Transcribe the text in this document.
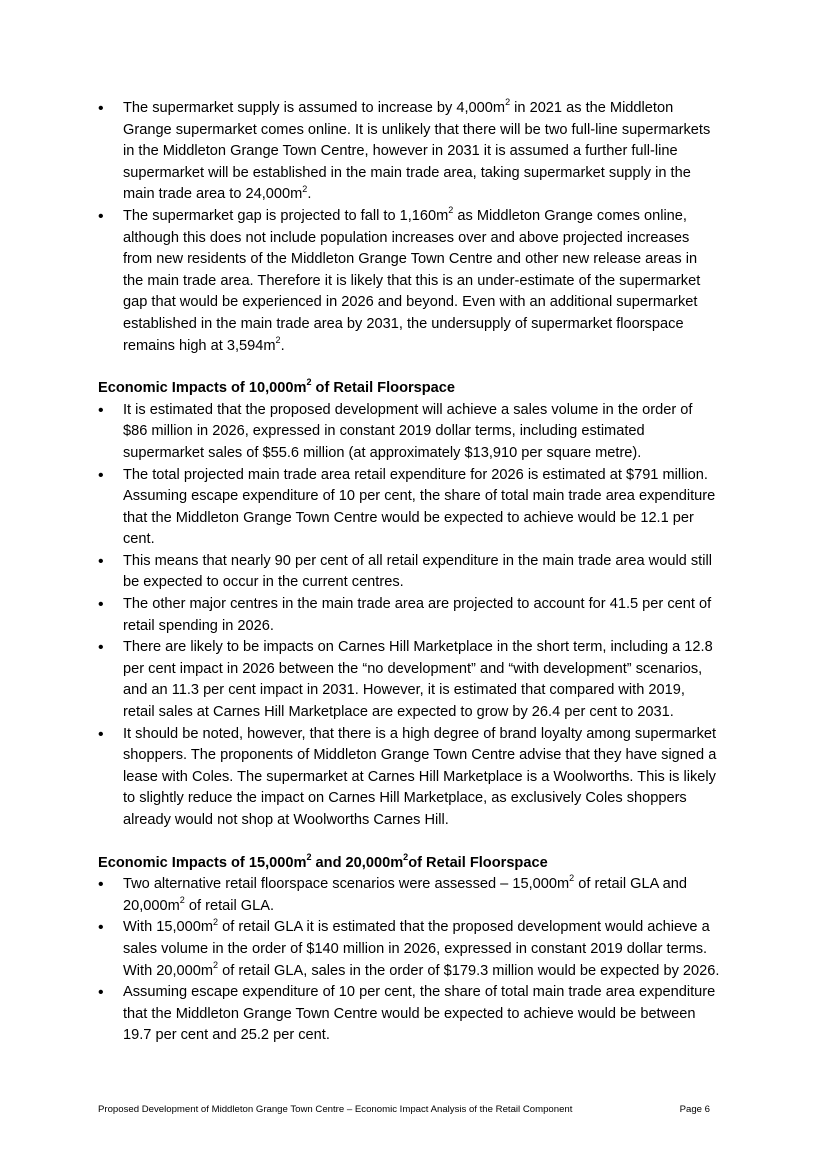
• The supermarket supply is assumed to increase by $4,000m^2$ in 2021 as the Middleton Grange supermarket comes online. It is unlikely that there will be two full-line supermarkets in the Middleton Grange Town Centre, however in 2031 it is assumed a further full-line supermarket will be established in the main trade area, taking supermarket supply in the main trade area to $24,000m^2$.
• The supermarket gap is projected to fall to $1,160m^2$ as Middleton Grange comes online, although this does not include population increases over and above projected increases from new residents of the Middleton Grange Town Centre and other new release areas in the main trade area. Therefore it is likely that this is an under-estimate of the supermarket gap that would be experienced in 2026 and beyond. Even with an additional supermarket established in the main trade area by 2031, the undersupply of supermarket floorspace remains high at $3,594m^2$.

Economic Impacts of $10,000m^2$ of Retail Floorspace

• It is estimated that the proposed development will achieve a sales volume in the order of $86 million in 2026, expressed in constant 2019 dollar terms, including estimated supermarket sales of $55.6 million (at approximately $13,910 per square metre).
• The total projected main trade area retail expenditure for 2026 is estimated at $791 million. Assuming escape expenditure of 10 per cent, the share of total main trade area expenditure that the Middleton Grange Town Centre would be expected to achieve would be 12.1 per cent.
• This means that nearly 90 per cent of all retail expenditure in the main trade area would still be expected to occur in the current centres.
• The other major centres in the main trade area are projected to account for 41.5 per cent of retail spending in 2026.
• There are likely to be impacts on Carnes Hill Marketplace in the short term, including a 12.8 per cent impact in 2026 between the “no development” and “with development” scenarios, and an 11.3 per cent impact in 2031. However, it is estimated that compared with 2019, retail sales at Carnes Hill Marketplace are expected to grow by 26.4 per cent to 2031.
• It should be noted, however, that there is a high degree of brand loyalty among supermarket shoppers. The proponents of Middleton Grange Town Centre advise that they have signed a lease with Coles. The supermarket at Carnes Hill Marketplace is a Woolworths. This is likely to slightly reduce the impact on Carnes Hill Marketplace, as exclusively Coles shoppers already would not shop at Woolworths Carnes Hill.

Economic Impacts of $15,000m^2$ and $20,000m^2of$ Retail Floorspace

• Two alternative retail floorspace scenarios were assessed – $15,000m^2$ of retail GLA and $20,000m^2$ of retail GLA.
• With $15,000m^2$ of retail GLA it is estimated that the proposed development would achieve a sales volume in the order of $140 million in 2026, expressed in constant 2019 dollar terms. With $20,000m^2$ of retail GLA, sales in the order of $179.3 million would be expected by 2026.
• Assuming escape expenditure of 10 per cent, the share of total main trade area expenditure that the Middleton Grange Town Centre would be expected to achieve would be between 19.7 per cent and 25.2 per cent.
Proposed Development of Middleton Grange Town Centre – Economic Impact Analysis of the Retail Component	Page 6
